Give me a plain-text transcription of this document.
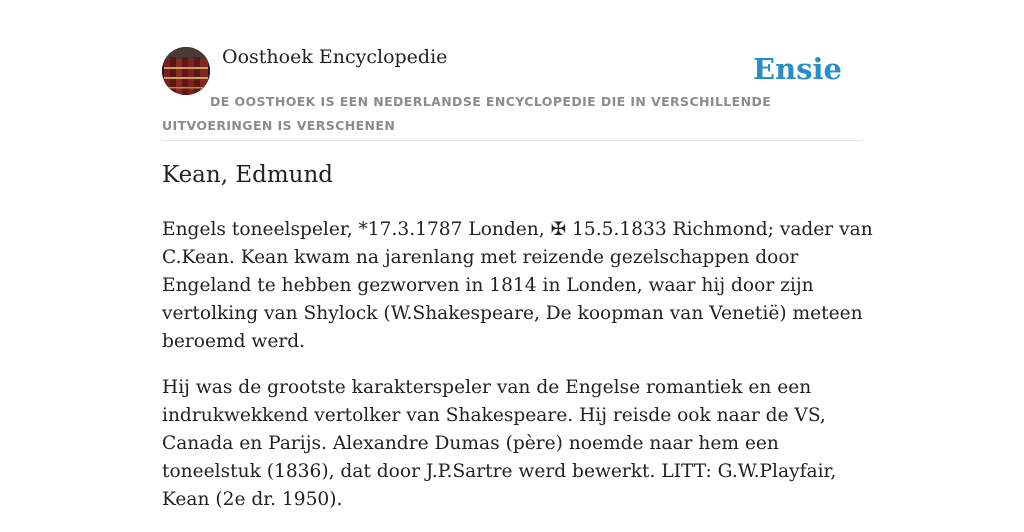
Oosthoek Encyclopedie	Ensie
DE OOSTHOEK IS EEN NEDERLANDSE ENCYCLOPEDIE DIE IN VERSCHILLENDE UITVOERINGEN IS VERSCHENEN
Kean, Edmund

Engels toneelspeler, *17.3.1787 Londen, ✠ 15.5.1833 Richmond; vader van C.Kean. Kean kwam na jarenlang met reizende gezelschappen door Engeland te hebben gezworven in 1814 in Londen, waar hij door zijn vertolking van Shylock (W.Shakespeare, De koopman van Venetië) meteen beroemd werd.

Hij was de grootste karakterspeler van de Engelse romantiek en een indrukwekkend vertolker van Shakespeare. Hij reisde ook naar de VS, Canada en Parijs. Alexandre Dumas (père) noemde naar hem een toneelstuk (1836), dat door J.P.Sartre werd bewerkt. LITT: G.W.Playfair, Kean (2e dr. 1950).
